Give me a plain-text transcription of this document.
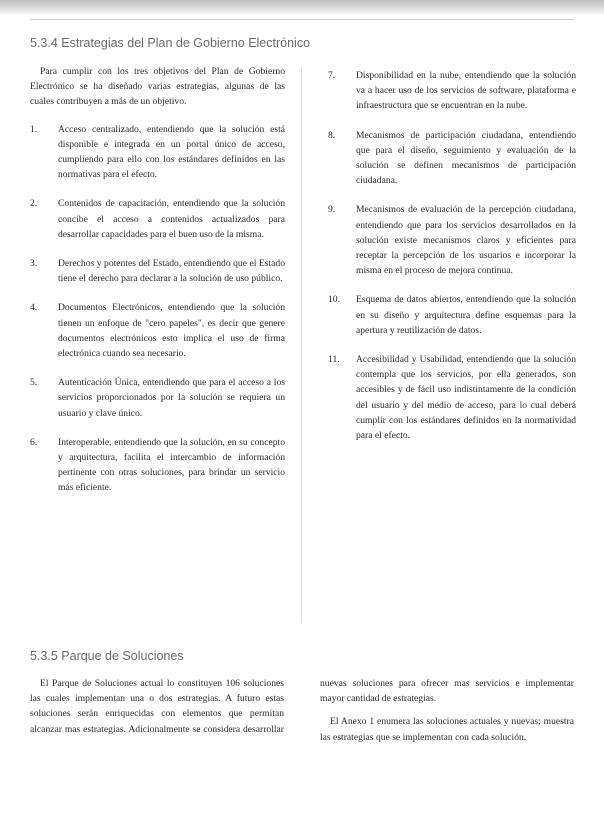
5.3.4 Estrategias del Plan de Gobierno Electrónico

Para cumplir con los tres objetivos del Plan de Gobierno Electrónico se ha diseñado varias estrategias, algunas de las cuales contribuyen a más de un objetivo.

1.	Acceso centralizado, entendiendo que la solución está disponible e integrada en un portal único de acceso, cumpliendo para ello con los estándares definidos en las normativas para el efecto.
2.	Contenidos de capacitación, entendiendo que la solución concibe el acceso a contenidos actualizados para desarrollar capacidades para el buen uso de la misma.
3.	Derechos y potentes del Estado, entendiendo que el Estado tiene el derecho para declarar a la solución de uso público.
4.	Documentos Electrónicos, entendiendo que la solución tienen un enfoque de "cero papeles", es decir que genere documentos electrónicos esto implica el uso de firma electrónica cuando sea necesario.
5.	Autenticación Única, entendiendo que para el acceso a los servicios proporcionados por la solución se requiera un usuario y clave único.
6.	Interoperable, entendiendo que la solución, en su concepto y arquitectura, facilita el intercambio de información pertinente con otras soluciones, para brindar un servicio más eficiente.
7.	Disponibilidad en la nube, entendiendo que la solución va a hacer uso de los servicios de software, plataforma e infraestructura que se encuentran en la nube.
8.	Mecanismos de participación ciudadana, entendiendo que para el diseño, seguimiento y evaluación de la solución se definen mecanismos de participación ciudadana.
9.	Mecanismos de evaluación de la percepción ciudadana, entendiendo que para los servicios desarrollados en la solución existe mecanismos claros y eficientes para receptar la percepción de los usuarios e incorporar la misma en el proceso de mejora continua.
10.	Esquema de datos abiertos, entendiendo que la solución en su diseño y arquitectura define esquemas para la apertura y reutilización de datos.
11.	Accesibilidad y Usabilidad, entendiendo que la solución contempla que los servicios, por ella generados, son accesibles y de fácil uso indistintamente de la condición del usuario y del medio de acceso, para lo cual deberá cumplir con los estándares definidos en la normatividad para el efecto.
5.3.5 Parque de Soluciones

El Parque de Soluciones actual lo constituyen 106 soluciones las cuales implementan una o dos estrategias. A futuro estas soluciones serán enriquecidas con elementos que permitan alcanzar mas estrategias. Adicionalmente se considera desarrollar nuevas soluciones para ofrecer mas servicios e implementar mayor cantidad de estrategias.

El Anexo 1 enumera las soluciones actuales y nuevas; muestra las estrategias que se implementan con cada solución.
